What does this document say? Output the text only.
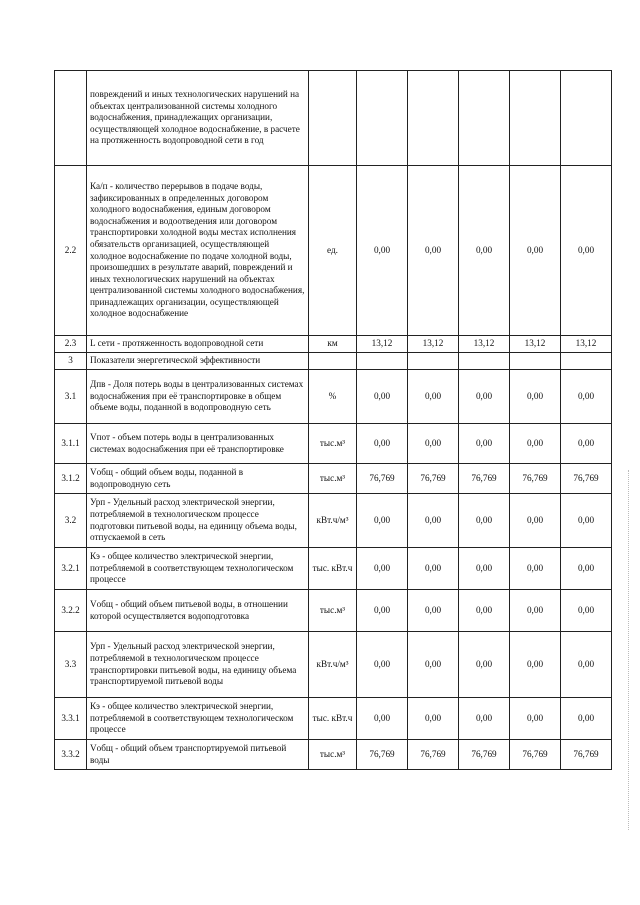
	повреждений и иных технологических нарушений на объектах централизованной системы холодного водоснабжения, принадлежащих организации, осуществляющей холодное водоснабжение, в расчете на протяженность водопроводной сети в год						
2.2	Ка/п - количество перерывов в подаче воды, зафиксированных в определенных договором холодного водоснабжения, единым договором водоснабжения и водоотведения или договором транспортировки холодной воды местах исполнения обязательств организацией, осуществляющей холодное водоснабжение по подаче холодной воды, произошедших в результате аварий, повреждений и иных технологических нарушений на объектах централизованной системы холодного водоснабжения, принадлежащих организации, осуществляющей холодное водоснабжение	ед.	0,00	0,00	0,00	0,00	0,00
2.3	L сети - протяженность водопроводной сети	км	13,12	13,12	13,12	13,12	13,12
3	Показатели энергетической эффективности						
3.1	Дпв - Доля потерь воды в централизованных системах водоснабжения при её транспортировке в общем объеме воды, поданной в водопроводную сеть	%	0,00	0,00	0,00	0,00	0,00
3.1.1	Vпот - объем потерь воды в централизованных системах водоснабжения при её транспортировке	тыс.м³	0,00	0,00	0,00	0,00	0,00
3.1.2	Vобщ - общий объем воды, поданной в водопроводную сеть	тыс.м³	76,769	76,769	76,769	76,769	76,769
3.2	Урп - Удельный расход электрической энергии, потребляемой в технологическом процессе подготовки питьевой воды, на единицу объема воды, отпускаемой в сеть	кВт.ч/м³	0,00	0,00	0,00	0,00	0,00
3.2.1	Кэ - общее количество электрической энергии, потребляемой в соответствующем технологическом процессе	тыс. кВт.ч	0,00	0,00	0,00	0,00	0,00
3.2.2	Vобщ - общий объем питьевой воды, в отношении которой осуществляется водоподготовка	тыс.м³	0,00	0,00	0,00	0,00	0,00
3.3	Урп - Удельный расход электрической энергии, потребляемой в технологическом процессе транспортировки питьевой воды, на единицу объема транспортируемой питьевой воды	кВт.ч/м³	0,00	0,00	0,00	0,00	0,00
3.3.1	Кэ - общее количество электрической энергии, потребляемой в соответствующем технологическом процессе	тыс. кВт.ч	0,00	0,00	0,00	0,00	0,00
3.3.2	Vобщ - общий объем транспортируемой питьевой воды	тыс.м³	76,769	76,769	76,769	76,769	76,769
